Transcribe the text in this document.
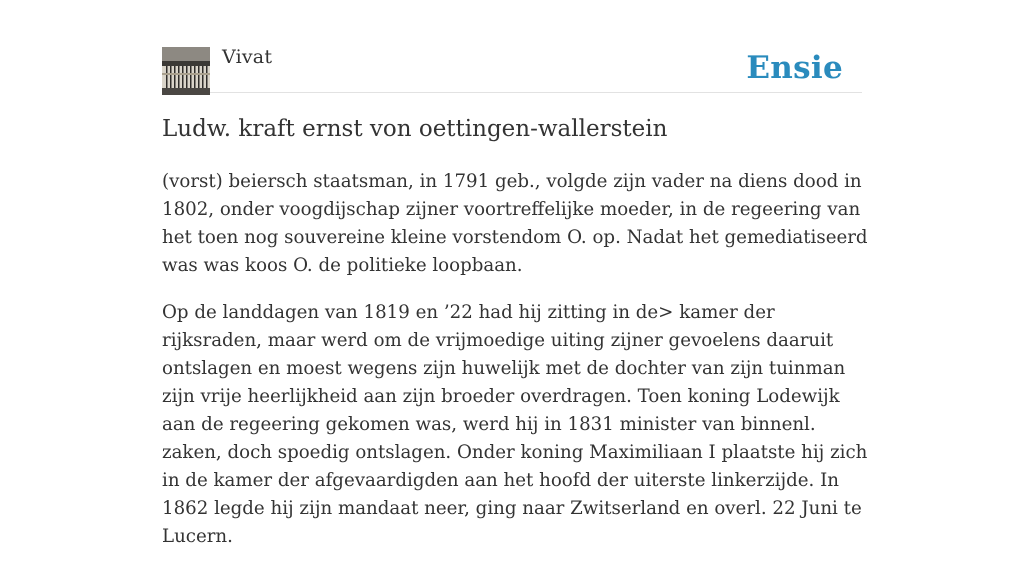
Vivat	Ensie
Ludw. kraft ernst von oettingen-wallerstein

(vorst) beiersch staatsman, in 1791 geb., volgde zijn vader na diens dood in 1802, onder voogdijschap zijner voortreffelijke moeder, in de regeering van het toen nog souvereine kleine vorstendom O. op. Nadat het gemediatiseerd was was koos O. de politieke loopbaan.

Op de landdagen van 1819 en ’22 had hij zitting in de> kamer der rijksraden, maar werd om de vrijmoedige uiting zijner gevoelens daaruit ontslagen en moest wegens zijn huwelijk met de dochter van zijn tuinman zijn vrije heerlijkheid aan zijn broeder overdragen. Toen koning Lodewijk aan de regeering gekomen was, werd hij in 1831 minister van binnenl. zaken, doch spoedig ontslagen. Onder koning Maximiliaan I plaatste hij zich in de kamer der afgevaardigden aan het hoofd der uiterste linkerzijde. In 1862 legde hij zijn mandaat neer, ging naar Zwitserland en overl. 22 Juni te Lucern.
